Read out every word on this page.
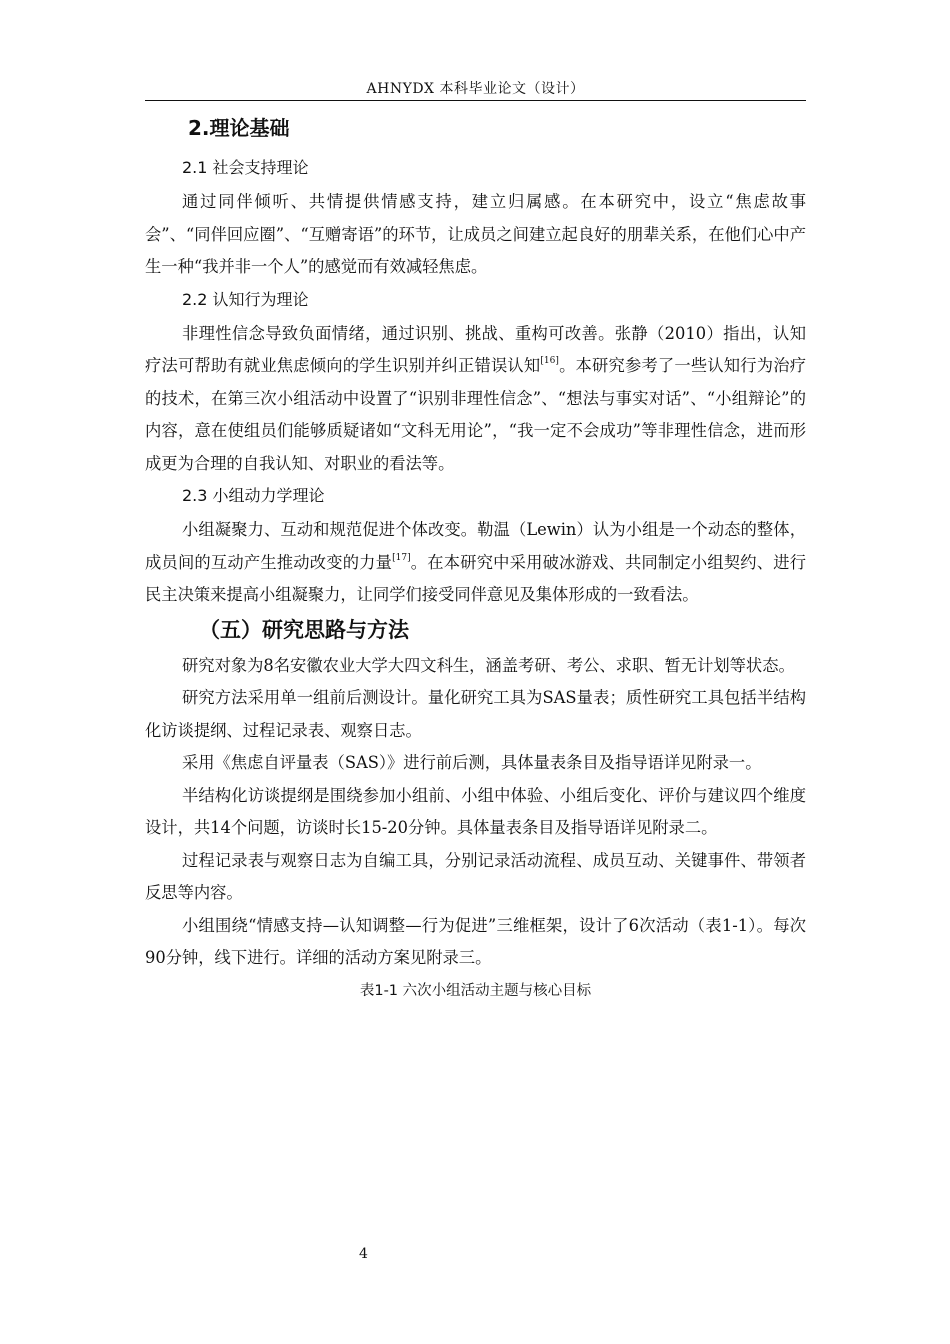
AHNYDX 本科毕业论文（设计）
2.理论基础
2.1 社会支持理论

通过同伴倾听、共情提供情感支持，建立归属感。在本研究中，设立“焦虑故事会”、“同伴回应圈”、“互赠寄语”的环节，让成员之间建立起良好的朋辈关系，在他们心中产生一种“我并非一个人”的感觉而有效减轻焦虑。

2.2 认知行为理论

非理性信念导致负面情绪，通过识别、挑战、重构可改善。张静（2010）指出，认知疗法可帮助有就业焦虑倾向的学生识别并纠正错误认知[16]。本研究参考了一些认知行为治疗的技术，在第三次小组活动中设置了“识别非理性信念”、“想法与事实对话”、“小组辩论”的内容，意在使组员们能够质疑诸如“文科无用论”，“我一定不会成功”等非理性信念，进而形成更为合理的自我认知、对职业的看法等。

2.3 小组动力学理论

小组凝聚力、互动和规范促进个体改变。勒温（Lewin）认为小组是一个动态的整体，成员间的互动产生推动改变的力量[17]。在本研究中采用破冰游戏、共同制定小组契约、进行民主决策来提高小组凝聚力，让同学们接受同伴意见及集体形成的一致看法。

（五）研究思路与方法

研究对象为8名安徽农业大学大四文科生，涵盖考研、考公、求职、暂无计划等状态。

研究方法采用单一组前后测设计。量化研究工具为SAS量表；质性研究工具包括半结构化访谈提纲、过程记录表、观察日志。

采用《焦虑自评量表（SAS）》进行前后测，具体量表条目及指导语详见附录一。

半结构化访谈提纲是围绕参加小组前、小组中体验、小组后变化、评价与建议四个维度设计，共14个问题，访谈时长15-20分钟。具体量表条目及指导语详见附录二。

过程记录表与观察日志为自编工具，分别记录活动流程、成员互动、关键事件、带领者反思等内容。

小组围绕“情感支持—认知调整—行为促进”三维框架，设计了6次活动（表1-1）。每次90分钟，线下进行。详细的活动方案见附录三。

表1-1 六次小组活动主题与核心目标
4
